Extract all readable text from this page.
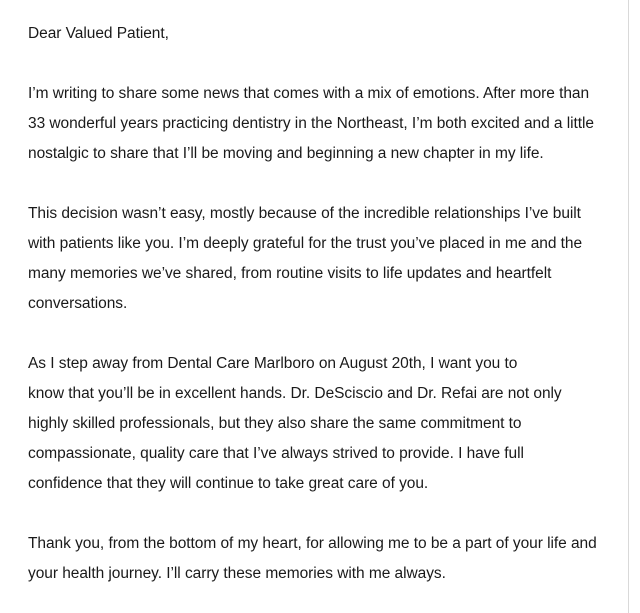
Dear Valued Patient,
I’m writing to share some news that comes with a mix of emotions. After more than
33 wonderful years practicing dentistry in the Northeast, I’m both excited and a little
nostalgic to share that I’ll be moving and beginning a new chapter in my life.
This decision wasn’t easy, mostly because of the incredible relationships I’ve built
with patients like you. I’m deeply grateful for the trust you’ve placed in me and the
many memories we’ve shared, from routine visits to life updates and heartfelt
conversations.
As I step away from Dental Care Marlboro on August 20th, I want you to
know that you’ll be in excellent hands. Dr. DeSciscio and Dr. Refai are not only
highly skilled professionals, but they also share the same commitment to
compassionate, quality care that I’ve always strived to provide. I have full
confidence that they will continue to take great care of you.
Thank you, from the bottom of my heart, for allowing me to be a part of your life and
your health journey. I’ll carry these memories with me always.
